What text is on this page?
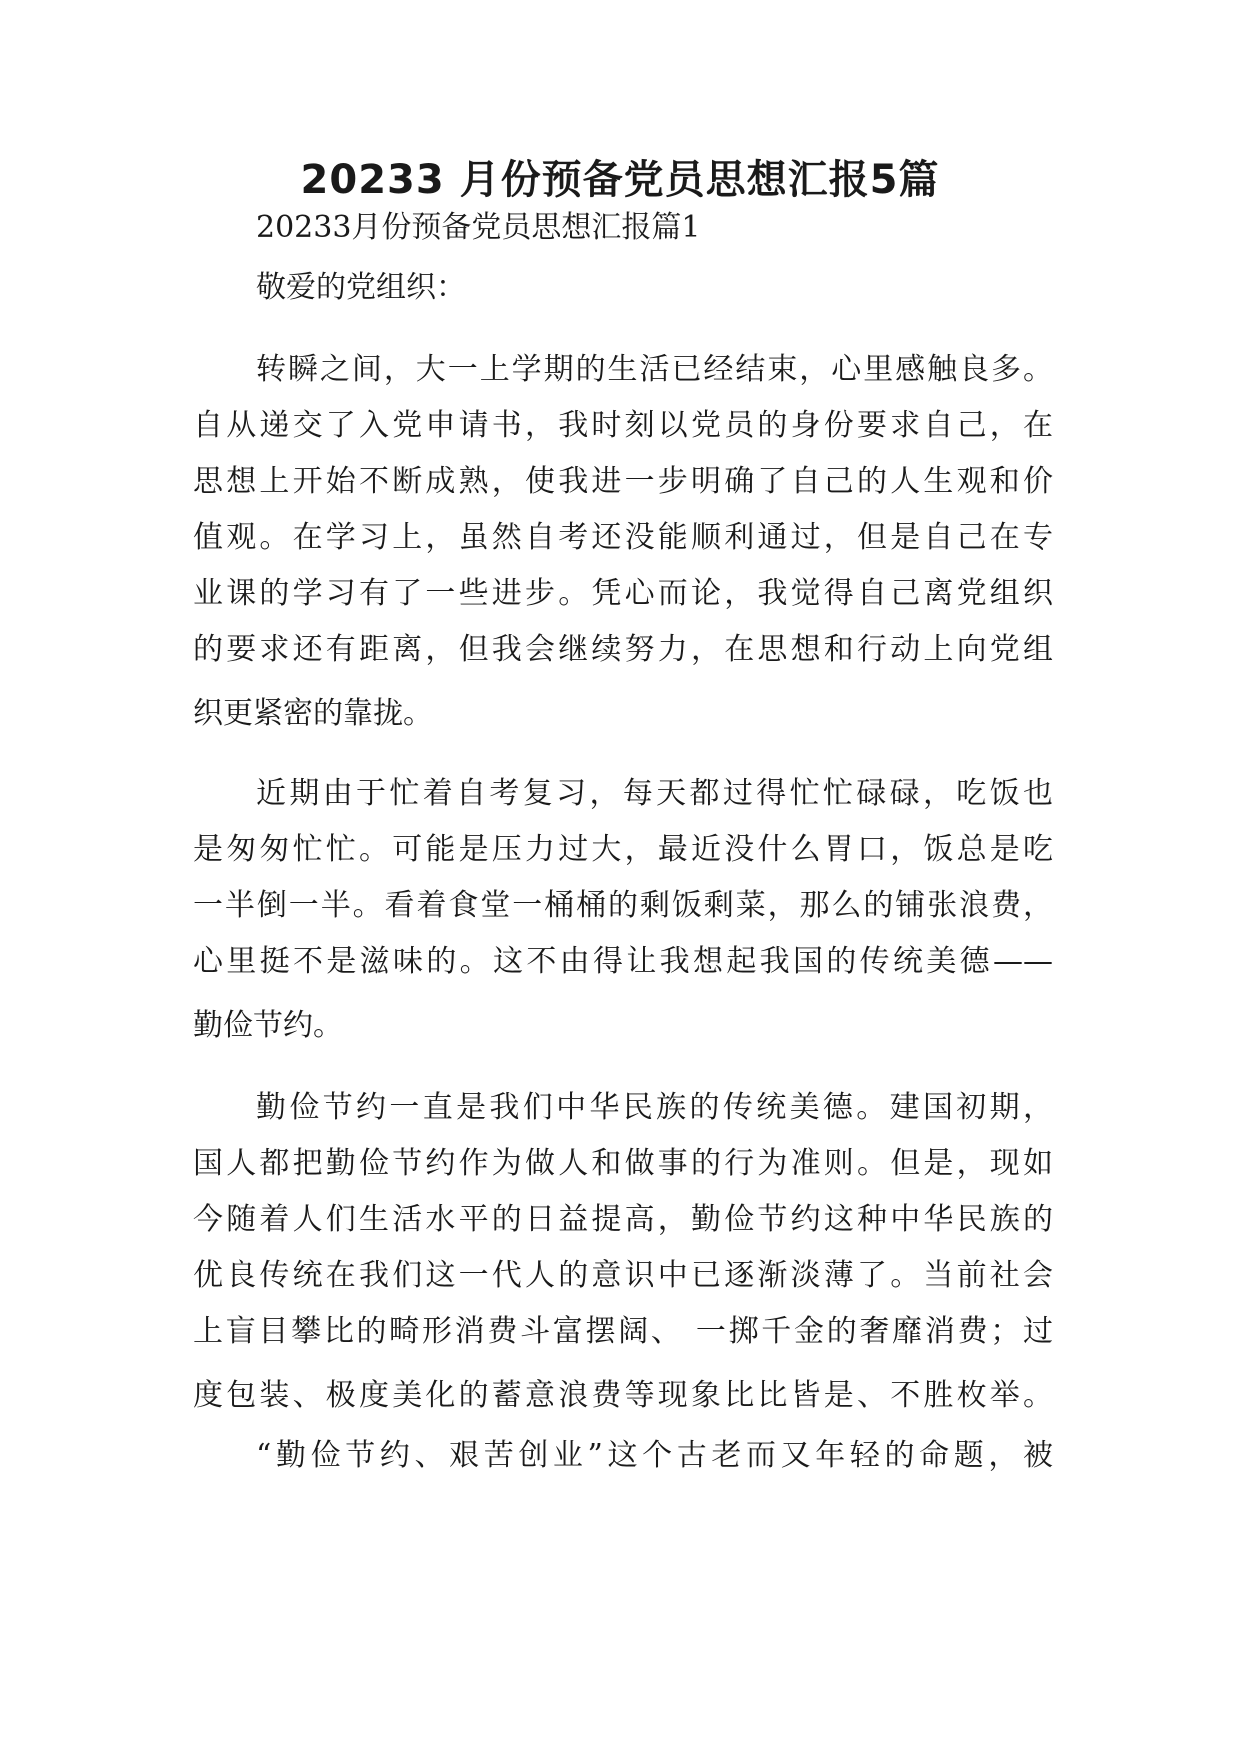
20233 月份预备党员思想汇报5篇

20233月份预备党员思想汇报篇1

敬爱的党组织：

转瞬之间，大一上学期的生活已经结束，心里感触良多。

自从递交了入党申请书，我时刻以党员的身份要求自己，在

思想上开始不断成熟，使我进一步明确了自己的人生观和价

值观。在学习上，虽然自考还没能顺利通过，但是自己在专

业课的学习有了一些进步。凭心而论，我觉得自己离党组织

的要求还有距离，但我会继续努力，在思想和行动上向党组

织更紧密的靠拢。

近期由于忙着自考复习，每天都过得忙忙碌碌，吃饭也

是匆匆忙忙。可能是压力过大，最近没什么胃口，饭总是吃

一半倒一半。看着食堂一桶桶的剩饭剩菜，那么的铺张浪费，

心里挺不是滋味的。这不由得让我想起我国的传统美德——

勤俭节约。

勤俭节约一直是我们中华民族的传统美德。建国初期，

国人都把勤俭节约作为做人和做事的行为准则。但是，现如

今随着人们生活水平的日益提高，勤俭节约这种中华民族的

优良传统在我们这一代人的意识中已逐渐淡薄了。当前社会

上盲目攀比的畸形消费斗富摆阔、 一掷千金的奢靡消费；过

度包装、极度美化的蓄意浪费等现象比比皆是、不胜枚举。

“勤俭节约、艰苦创业”这个古老而又年轻的命题，被
